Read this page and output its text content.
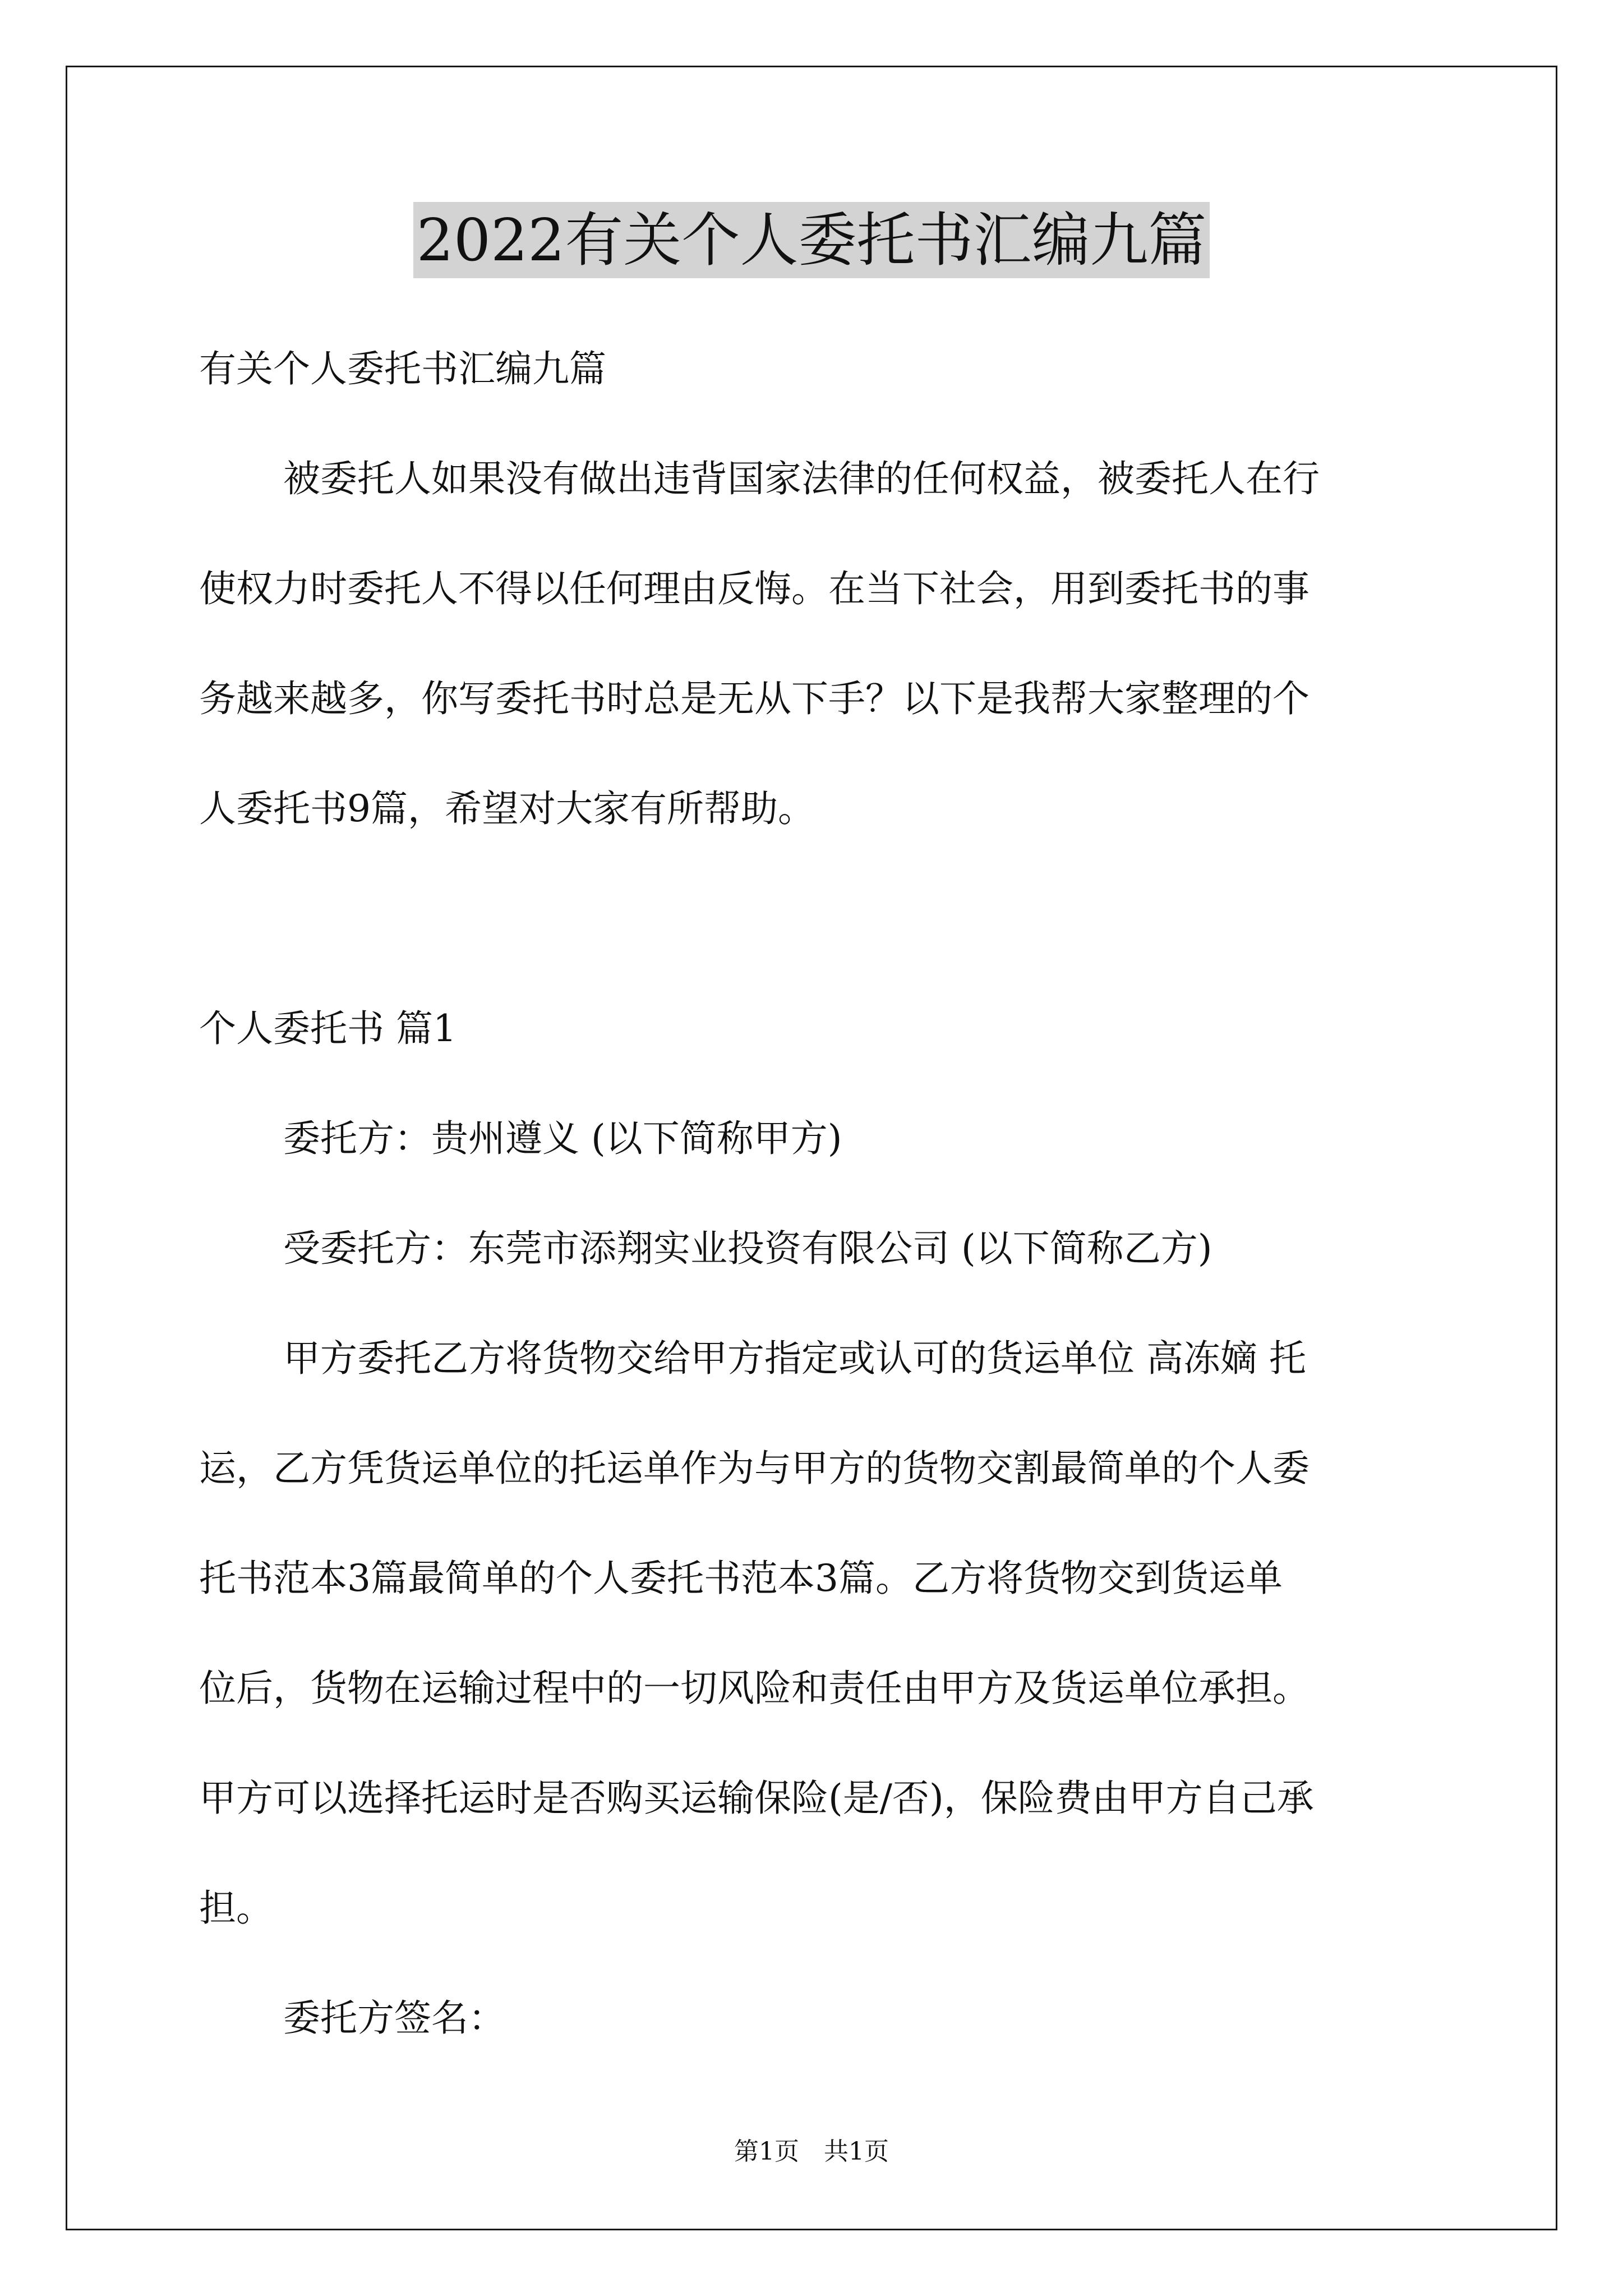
2022有关个人委托书汇编九篇
有关个人委托书汇编九篇
被委托人如果没有做出违背国家法律的任何权益，被委托人在行
使权力时委托人不得以任何理由反悔。在当下社会，用到委托书的事
务越来越多，你写委托书时总是无从下手？以下是我帮大家整理的个
人委托书9篇，希望对大家有所帮助。
个人委托书 篇1
委托方：贵州遵义 (以下简称甲方)
受委托方：东莞市添翔实业投资有限公司 (以下简称乙方)
甲方委托乙方将货物交给甲方指定或认可的货运单位 高冻嫡 托
运，乙方凭货运单位的托运单作为与甲方的货物交割最简单的个人委
托书范本3篇最简单的个人委托书范本3篇。乙方将货物交到货运单
位后，货物在运输过程中的一切风险和责任由甲方及货运单位承担。
甲方可以选择托运时是否购买运输保险(是/否)，保险费由甲方自己承
担。
委托方签名：
第1页 共1页
